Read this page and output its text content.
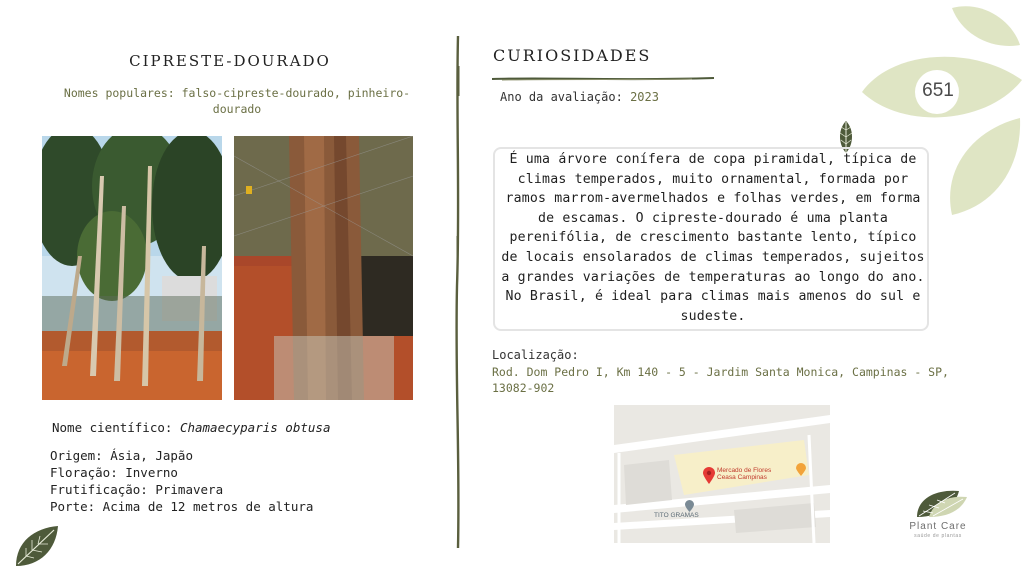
CIPRESTE-DOURADO
Nomes populares: falso-cipreste-dourado, pinheiro-dourado
Nome científico: Chamaecyparis obtusa
Origem: Ásia, Japão
Floração: Inverno
Frutificação: Primavera
Porte: Acima de 12 metros de altura
CURIOSIDADES
Ano da avaliação: 2023
É uma árvore conífera de copa piramidal, típica de climas temperados, muito ornamental, formada por ramos marrom-avermelhados e folhas verdes, em forma de escamas. O cipreste-dourado é uma planta perenifólia, de crescimento bastante lento, típico de locais ensolarados de climas temperados, sujeitos a grandes variações de temperaturas ao longo do ano. No Brasil, é ideal para climas mais amenos do sul e sudeste.
Localização:
Rod. Dom Pedro I, Km 140 - 5 - Jardim Santa Monica, Campinas - SP, 13082-902
Mercado de Flores
Ceasa Campinas
TITO GRAMAS
651
Plant Care
saúde de plantas
